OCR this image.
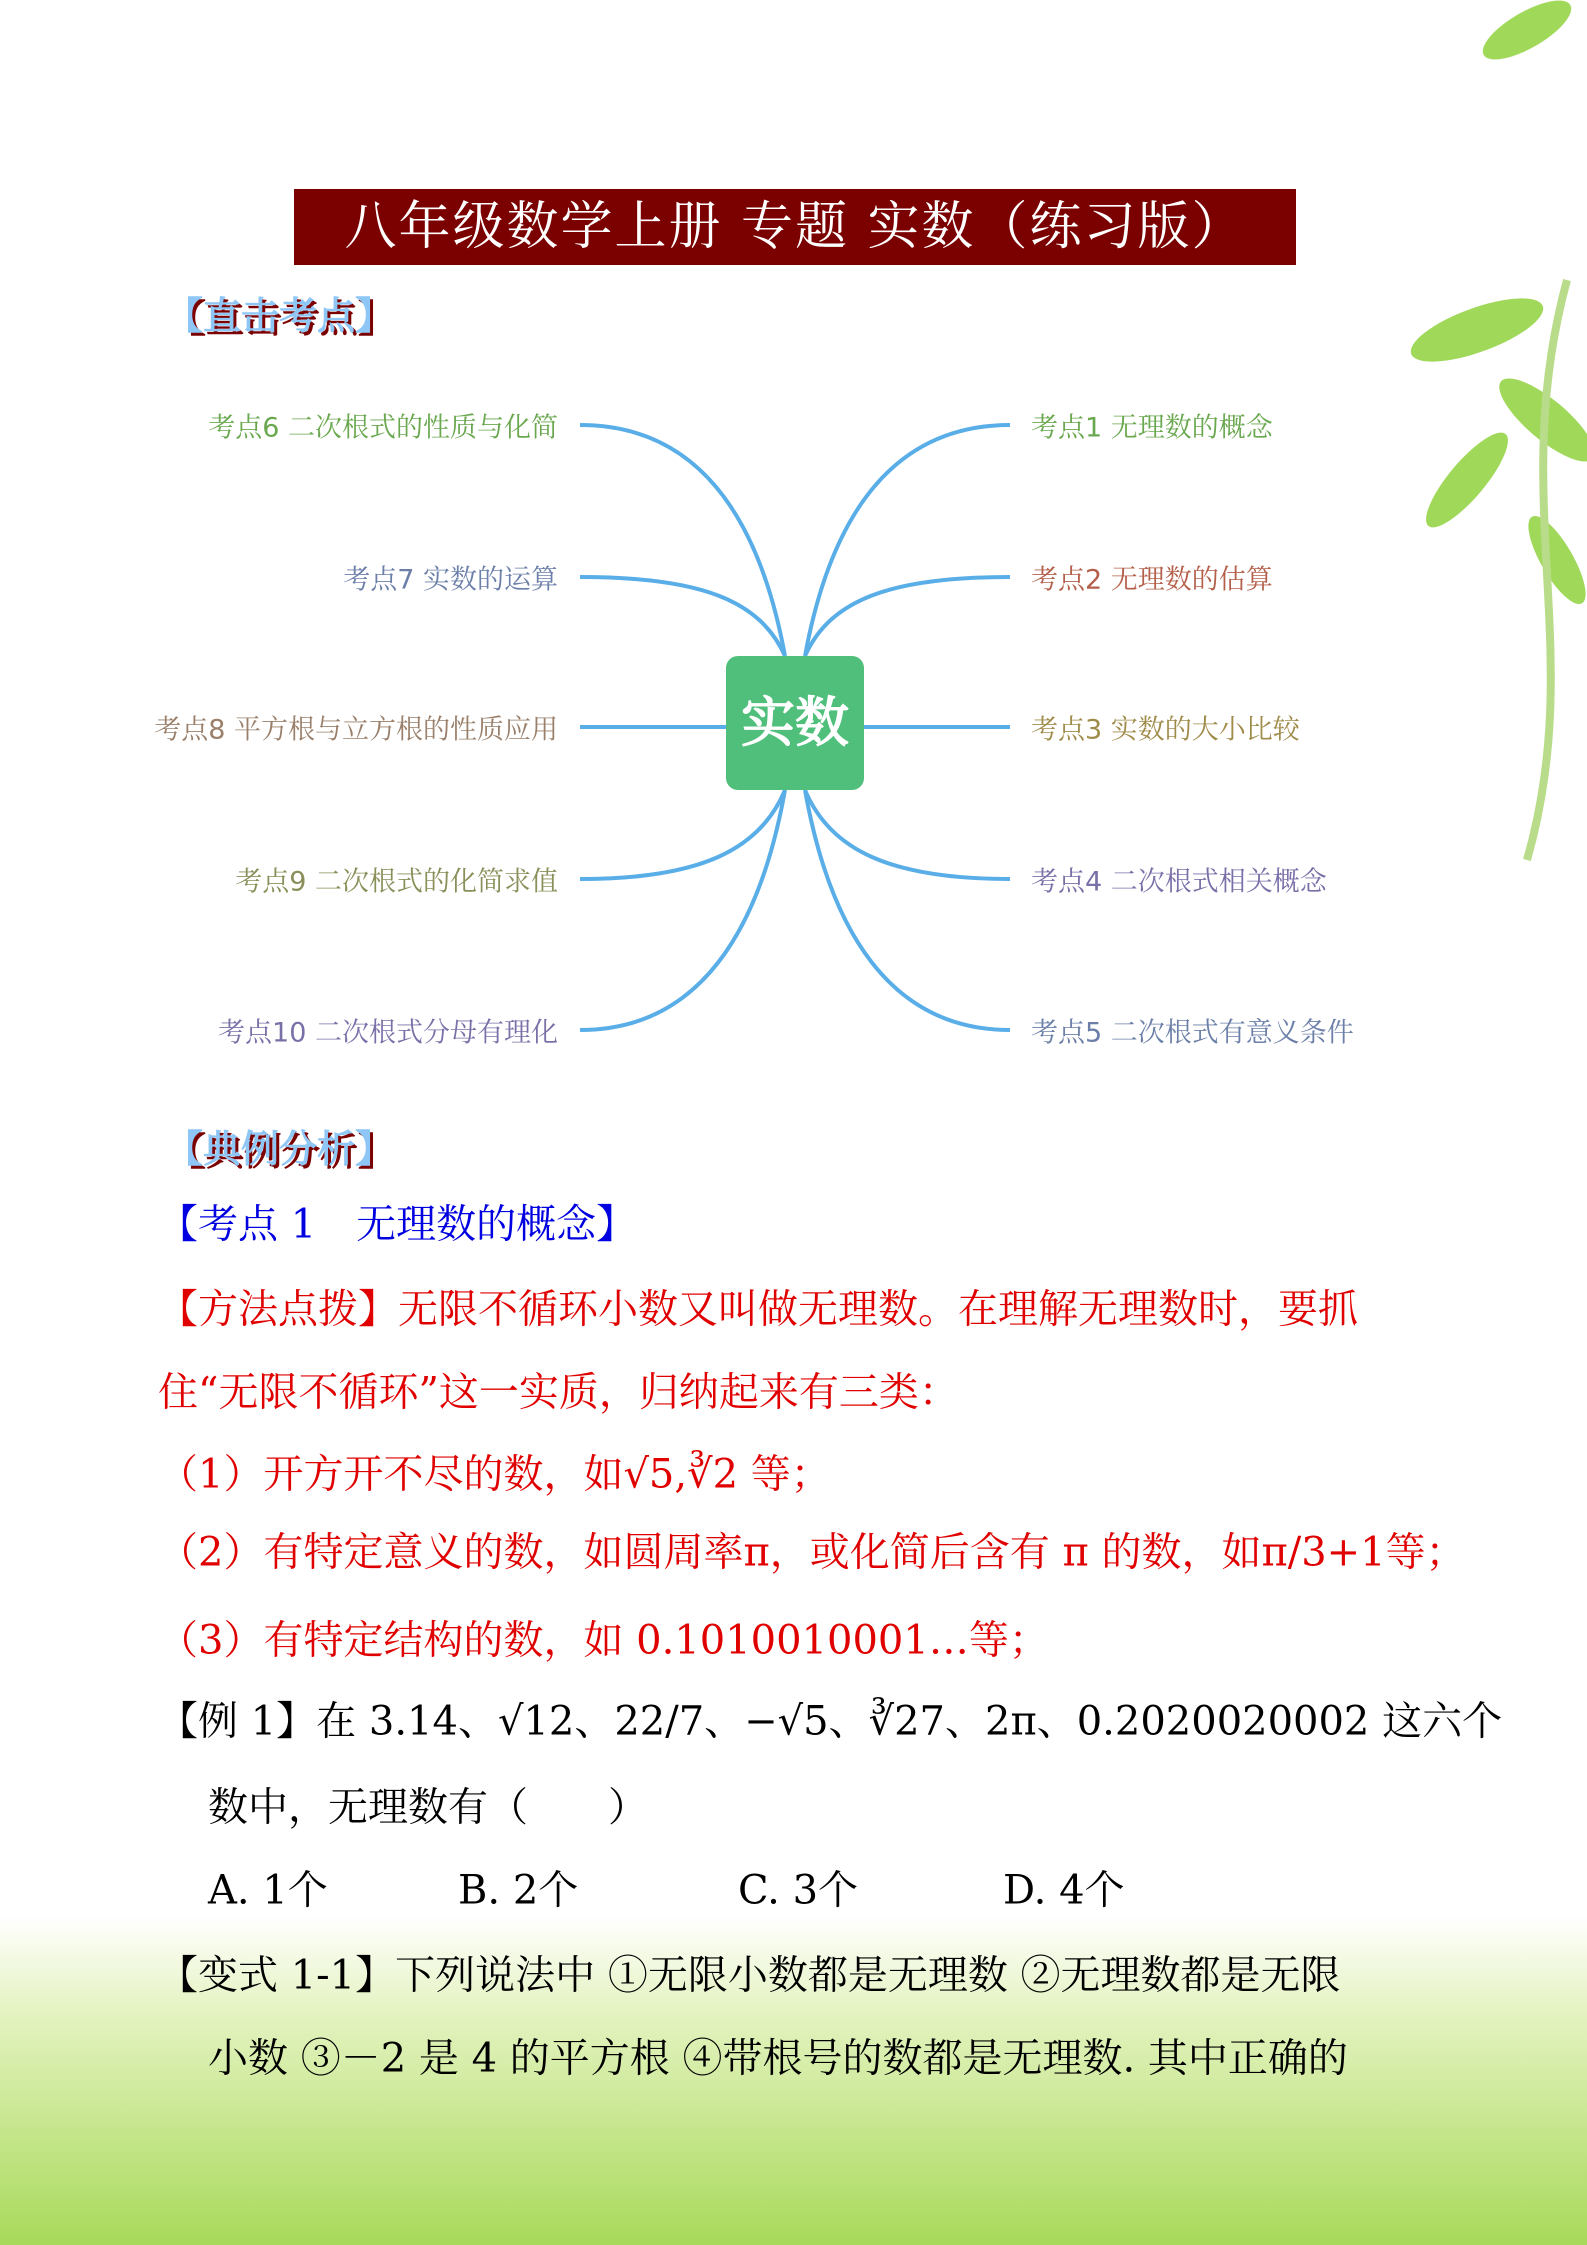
八年级数学上册 专题 实数（练习版）
【直击考点】
实数
考点6 二次根式的性质与化简
考点7 实数的运算
考点8 平方根与立方根的性质应用
考点9 二次根式的化简求值
考点10 二次根式分母有理化
考点1 无理数的概念
考点2 无理数的估算
考点3 实数的大小比较
考点4 二次根式相关概念
考点5 二次根式有意义条件
【典例分析】
【考点 1　无理数的概念】
【方法点拨】无限不循环小数又叫做无理数。在理解无理数时，要抓
住“无限不循环”这一实质，归纳起来有三类：
（1）开方开不尽的数，如√5,∛2 等；
（2）有特定意义的数，如圆周率π，或化简后含有 π 的数，如π/3+1等；
（3）有特定结构的数，如 0.1010010001…等；
【例 1】在 3.14、√12、22/7、−√5、∛27、2π、0.2020020002 这六个
数中，无理数有（　　）
A. 1个	B. 2个	C. 3个	D. 4个
【变式 1-1】下列说法中 ①无限小数都是无理数 ②无理数都是无限
小数 ③－2 是 4 的平方根 ④带根号的数都是无理数. 其中正确的
